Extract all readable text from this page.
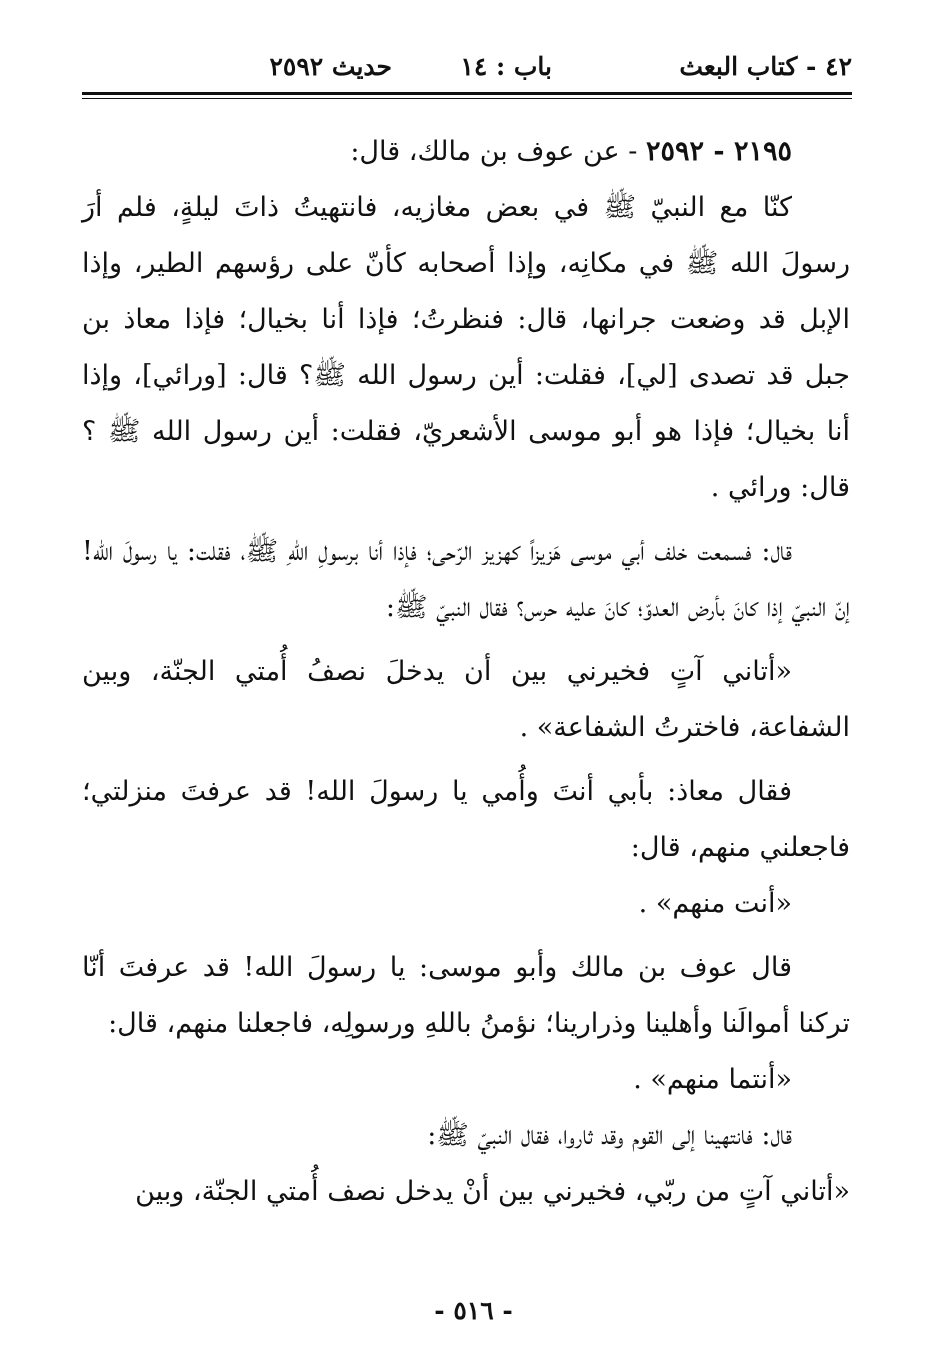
٤٢ - كتاب البعث
باب : ١٤
حديث ٢٥٩٢

٢١٩٥ - ٢٥٩٢ - عن عوف بن مالك، قال:

كنّا مع النبيّ ﷺ في بعض مغازيه، فانتهيتُ ذاتَ ليلةٍ، فلم أرَ رسولَ الله ﷺ في مكانِه، وإذا أصحابه كأنّ على رؤسهم الطير، وإذا الإبل قد وضعت جرانها، قال: فنظرتُ؛ فإذا أنا بخيال؛ فإذا معاذ بن جبل قد تصدى [لي]، فقلت: أين رسول الله ﷺ؟ قال: [ورائي]، وإذا أنا بخيال؛ فإذا هو أبو موسى الأشعريّ، فقلت: أين رسول الله ﷺ ؟ قال: ورائي .

قال: فسمعت خلف أبي موسى هَزيزاً كهزيز الرّحى؛ فإذا أنا برسولِ اللهِ ﷺ، فقلت: يا رسولَ الله! إنّ النبيّ إذا كانَ بأرض العدوّ؛ كانَ عليه حرس؟ فقال النبيّ ﷺ:

«أتاني آتٍ فخيرني بين أن يدخلَ نصفُ أُمتي الجنّة، وبين الشفاعة، فاخترتُ الشفاعة» .

فقال معاذ: بأبي أنتَ وأُمي يا رسولَ الله! قد عرفتَ منزلتي؛ فاجعلني منهم، قال:

«أنت منهم» .

قال عوف بن مالك وأبو موسى: يا رسولَ الله! قد عرفتَ أنّا تركنا أموالَنا وأهلينا وذرارينا؛ نؤمنُ باللهِ ورسولِه، فاجعلنا منهم، قال:

«أنتما منهم» .

قال: فانتهينا إلى القوم وقد ثاروا، فقال النبيّ ﷺ:

«أتاني آتٍ من ربّي، فخيرني بين أنْ يدخل نصف أُمتي الجنّة، وبين

- ٥١٦ -
